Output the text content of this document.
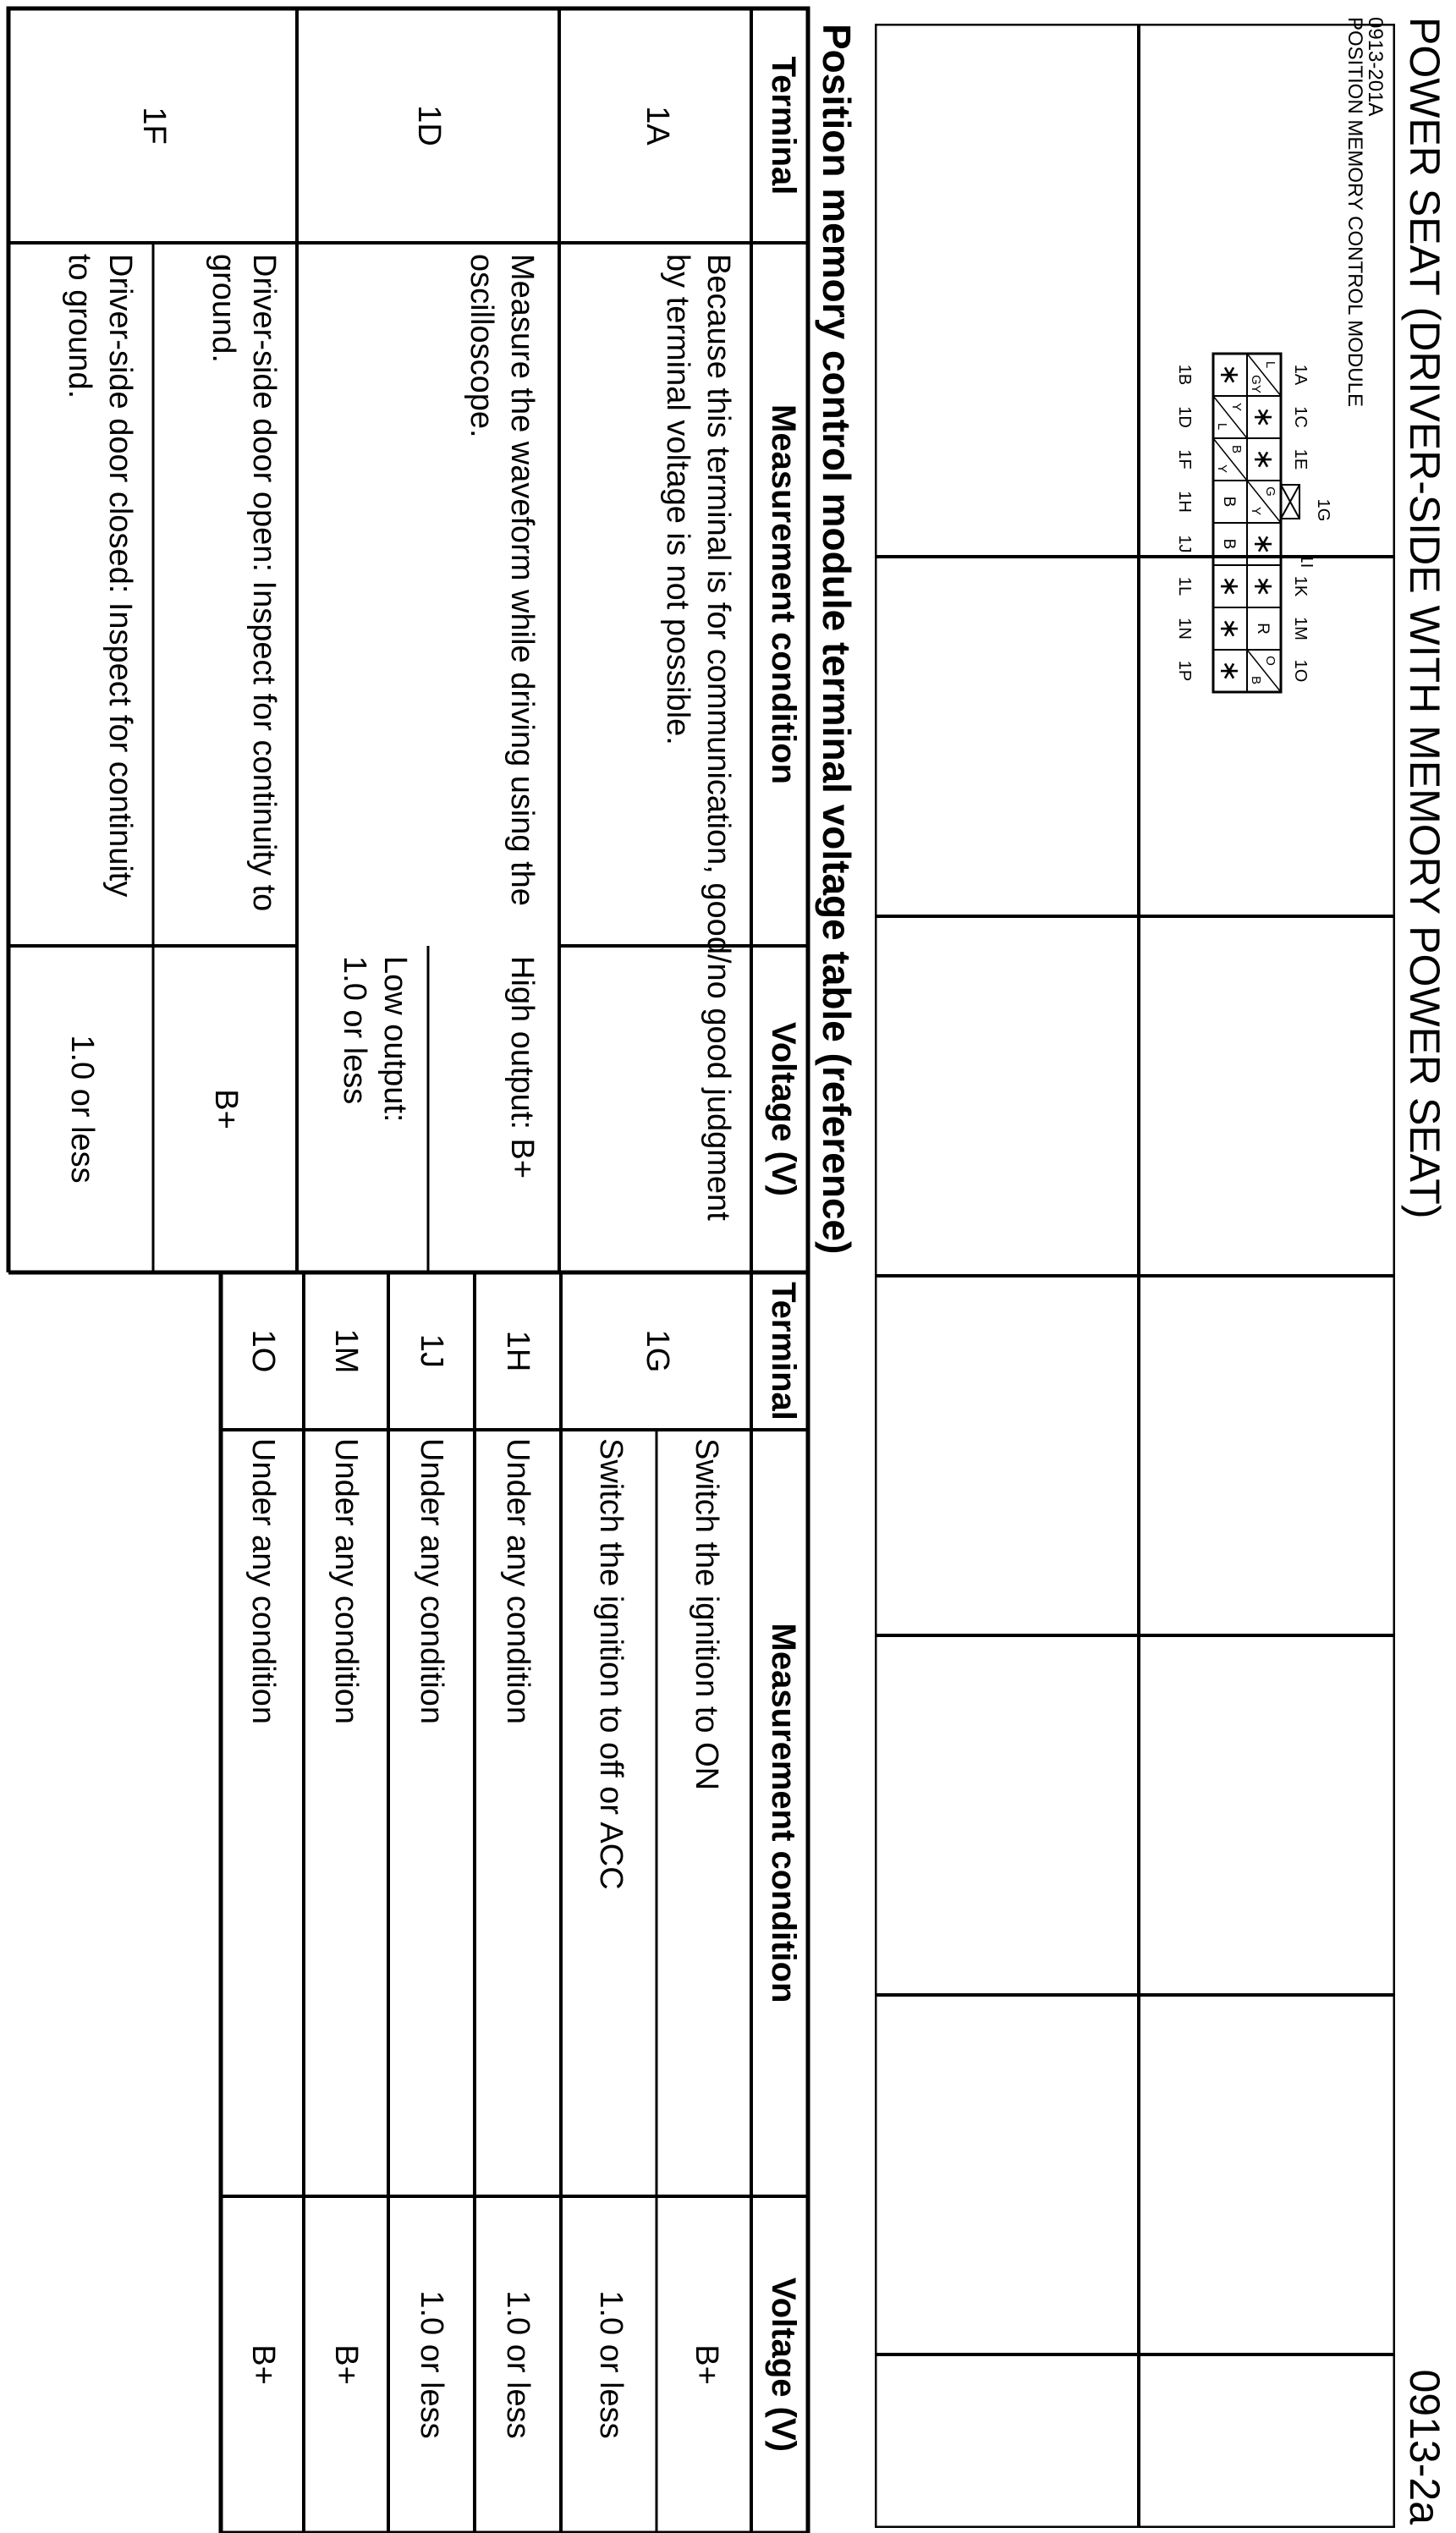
POWER SEAT (DRIVER-SIDE WITH MEMORY POWER SEAT)
0913-2a
0913-201A
POSITION MEMORY CONTROL MODULE
1A
1C
1E
1G
1I
1K
1M
1O
1B
1D
1F
1H
1J
1L
1N
1P
L
GY
∗
∗
G
Y
∗
∗
R
O
B
∗
Y
L
B
Y
B
B
∗
∗
∗
Position memory control module terminal voltage table (reference)
Terminal
Measurement condition
Voltage (V)
1A
Because this terminal is for communication, good/no good judgment by terminal voltage is not possible.
1D
Measure the waveform while driving using the oscilloscope.
High output: B+
Low output: 1.0 or less
1F
Driver-side door open: Inspect for continuity to ground.
B+
Driver-side door closed: Inspect for continuity to ground.
1.0 or less
Terminal
Measurement condition
Voltage (V)
1G
Switch the ignition to ON
B+
Switch the ignition to off or ACC
1.0 or less
1H
Under any condition
1.0 or less
1J
Under any condition
1.0 or less
1M
Under any condition
B+
1O
Under any condition
B+
